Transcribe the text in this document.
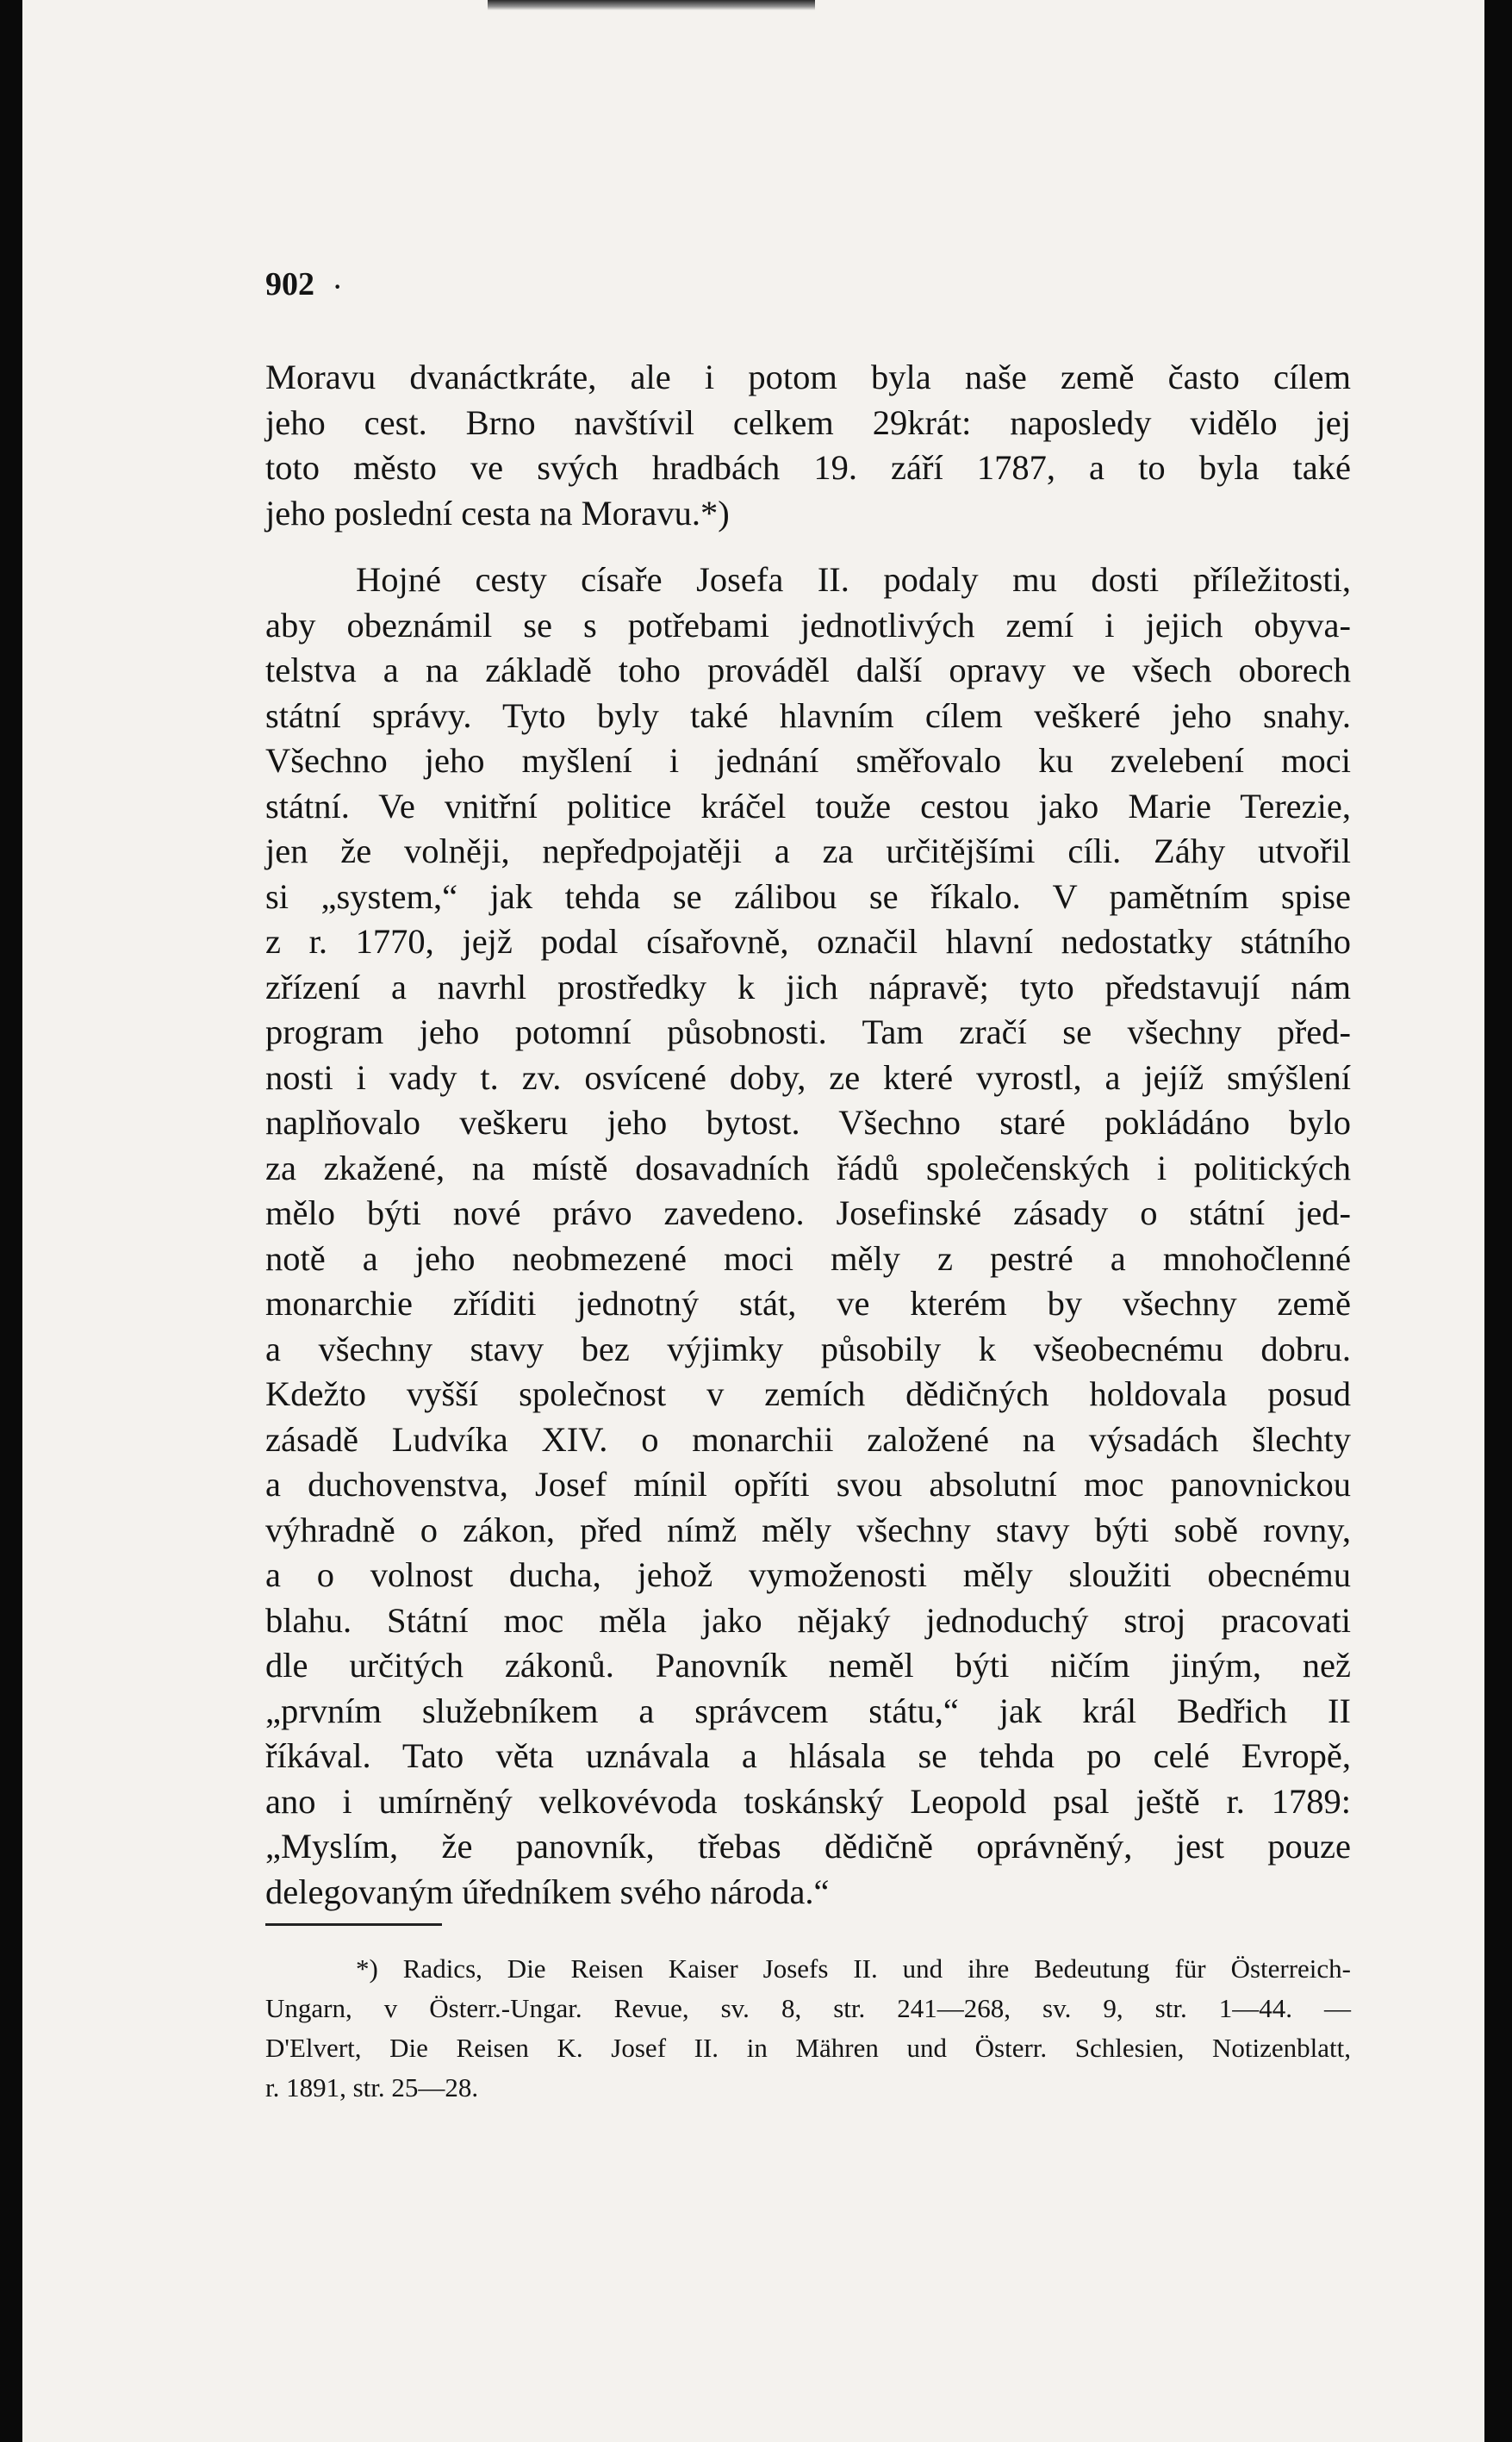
902 ·
Moravu dvanáctkráte, ale i potom byla naše země často cílem
jeho cest. Brno navštívil celkem 29krát: naposledy vidělo jej
toto město ve svých hradbách 19. září 1787, a to byla také
jeho poslední cesta na Moravu.*)
Hojné cesty císaře Josefa II. podaly mu dosti příležitosti,
aby obeznámil se s potřebami jednotlivých zemí i jejich obyva-
telstva a na základě toho prováděl další opravy ve všech oborech
státní správy. Tyto byly také hlavním cílem veškeré jeho snahy.
Všechno jeho myšlení i jednání směřovalo ku zvelebení moci
státní. Ve vnitřní politice kráčel touže cestou jako Marie Terezie,
jen že volněji, nepředpojatěji a za určitějšími cíli. Záhy utvořil
si „system,“ jak tehda se zálibou se říkalo. V pamětním spise
z r. 1770, jejž podal císařovně, označil hlavní nedostatky státního
zřízení a navrhl prostředky k jich nápravě; tyto představují nám
program jeho potomní působnosti. Tam zračí se všechny před-
nosti i vady t. zv. osvícené doby, ze které vyrostl, a jejíž smýšlení
naplňovalo veškeru jeho bytost. Všechno staré pokládáno bylo
za zkažené, na místě dosavadních řádů společenských i politických
mělo býti nové právo zavedeno. Josefinské zásady o státní jed-
notě a jeho neobmezené moci měly z pestré a mnohočlenné
monarchie zříditi jednotný stát, ve kterém by všechny země
a všechny stavy bez výjimky působily k všeobecnému dobru.
Kdežto vyšší společnost v zemích dědičných holdovala posud
zásadě Ludvíka XIV. o monarchii založené na výsadách šlechty
a duchovenstva, Josef mínil opříti svou absolutní moc panovnickou
výhradně o zákon, před nímž měly všechny stavy býti sobě rovny,
a o volnost ducha, jehož vymoženosti měly sloužiti obecnému
blahu. Státní moc měla jako nějaký jednoduchý stroj pracovati
dle určitých zákonů. Panovník neměl býti ničím jiným, než
„prvním služebníkem a správcem státu,“ jak král Bedřich II
říkával. Tato věta uznávala a hlásala se tehda po celé Evropě,
ano i umírněný velkovévoda toskánský Leopold psal ještě r. 1789:
„Myslím, že panovník, třebas dědičně oprávněný, jest pouze
delegovaným úředníkem svého národa.“
*) Radics, Die Reisen Kaiser Josefs II. und ihre Bedeutung für Österreich-
Ungarn, v Österr.-Ungar. Revue, sv. 8, str. 241—268, sv. 9, str. 1—44. —
D'Elvert, Die Reisen K. Josef II. in Mähren und Österr. Schlesien, Notizenblatt,
r. 1891, str. 25—28.
